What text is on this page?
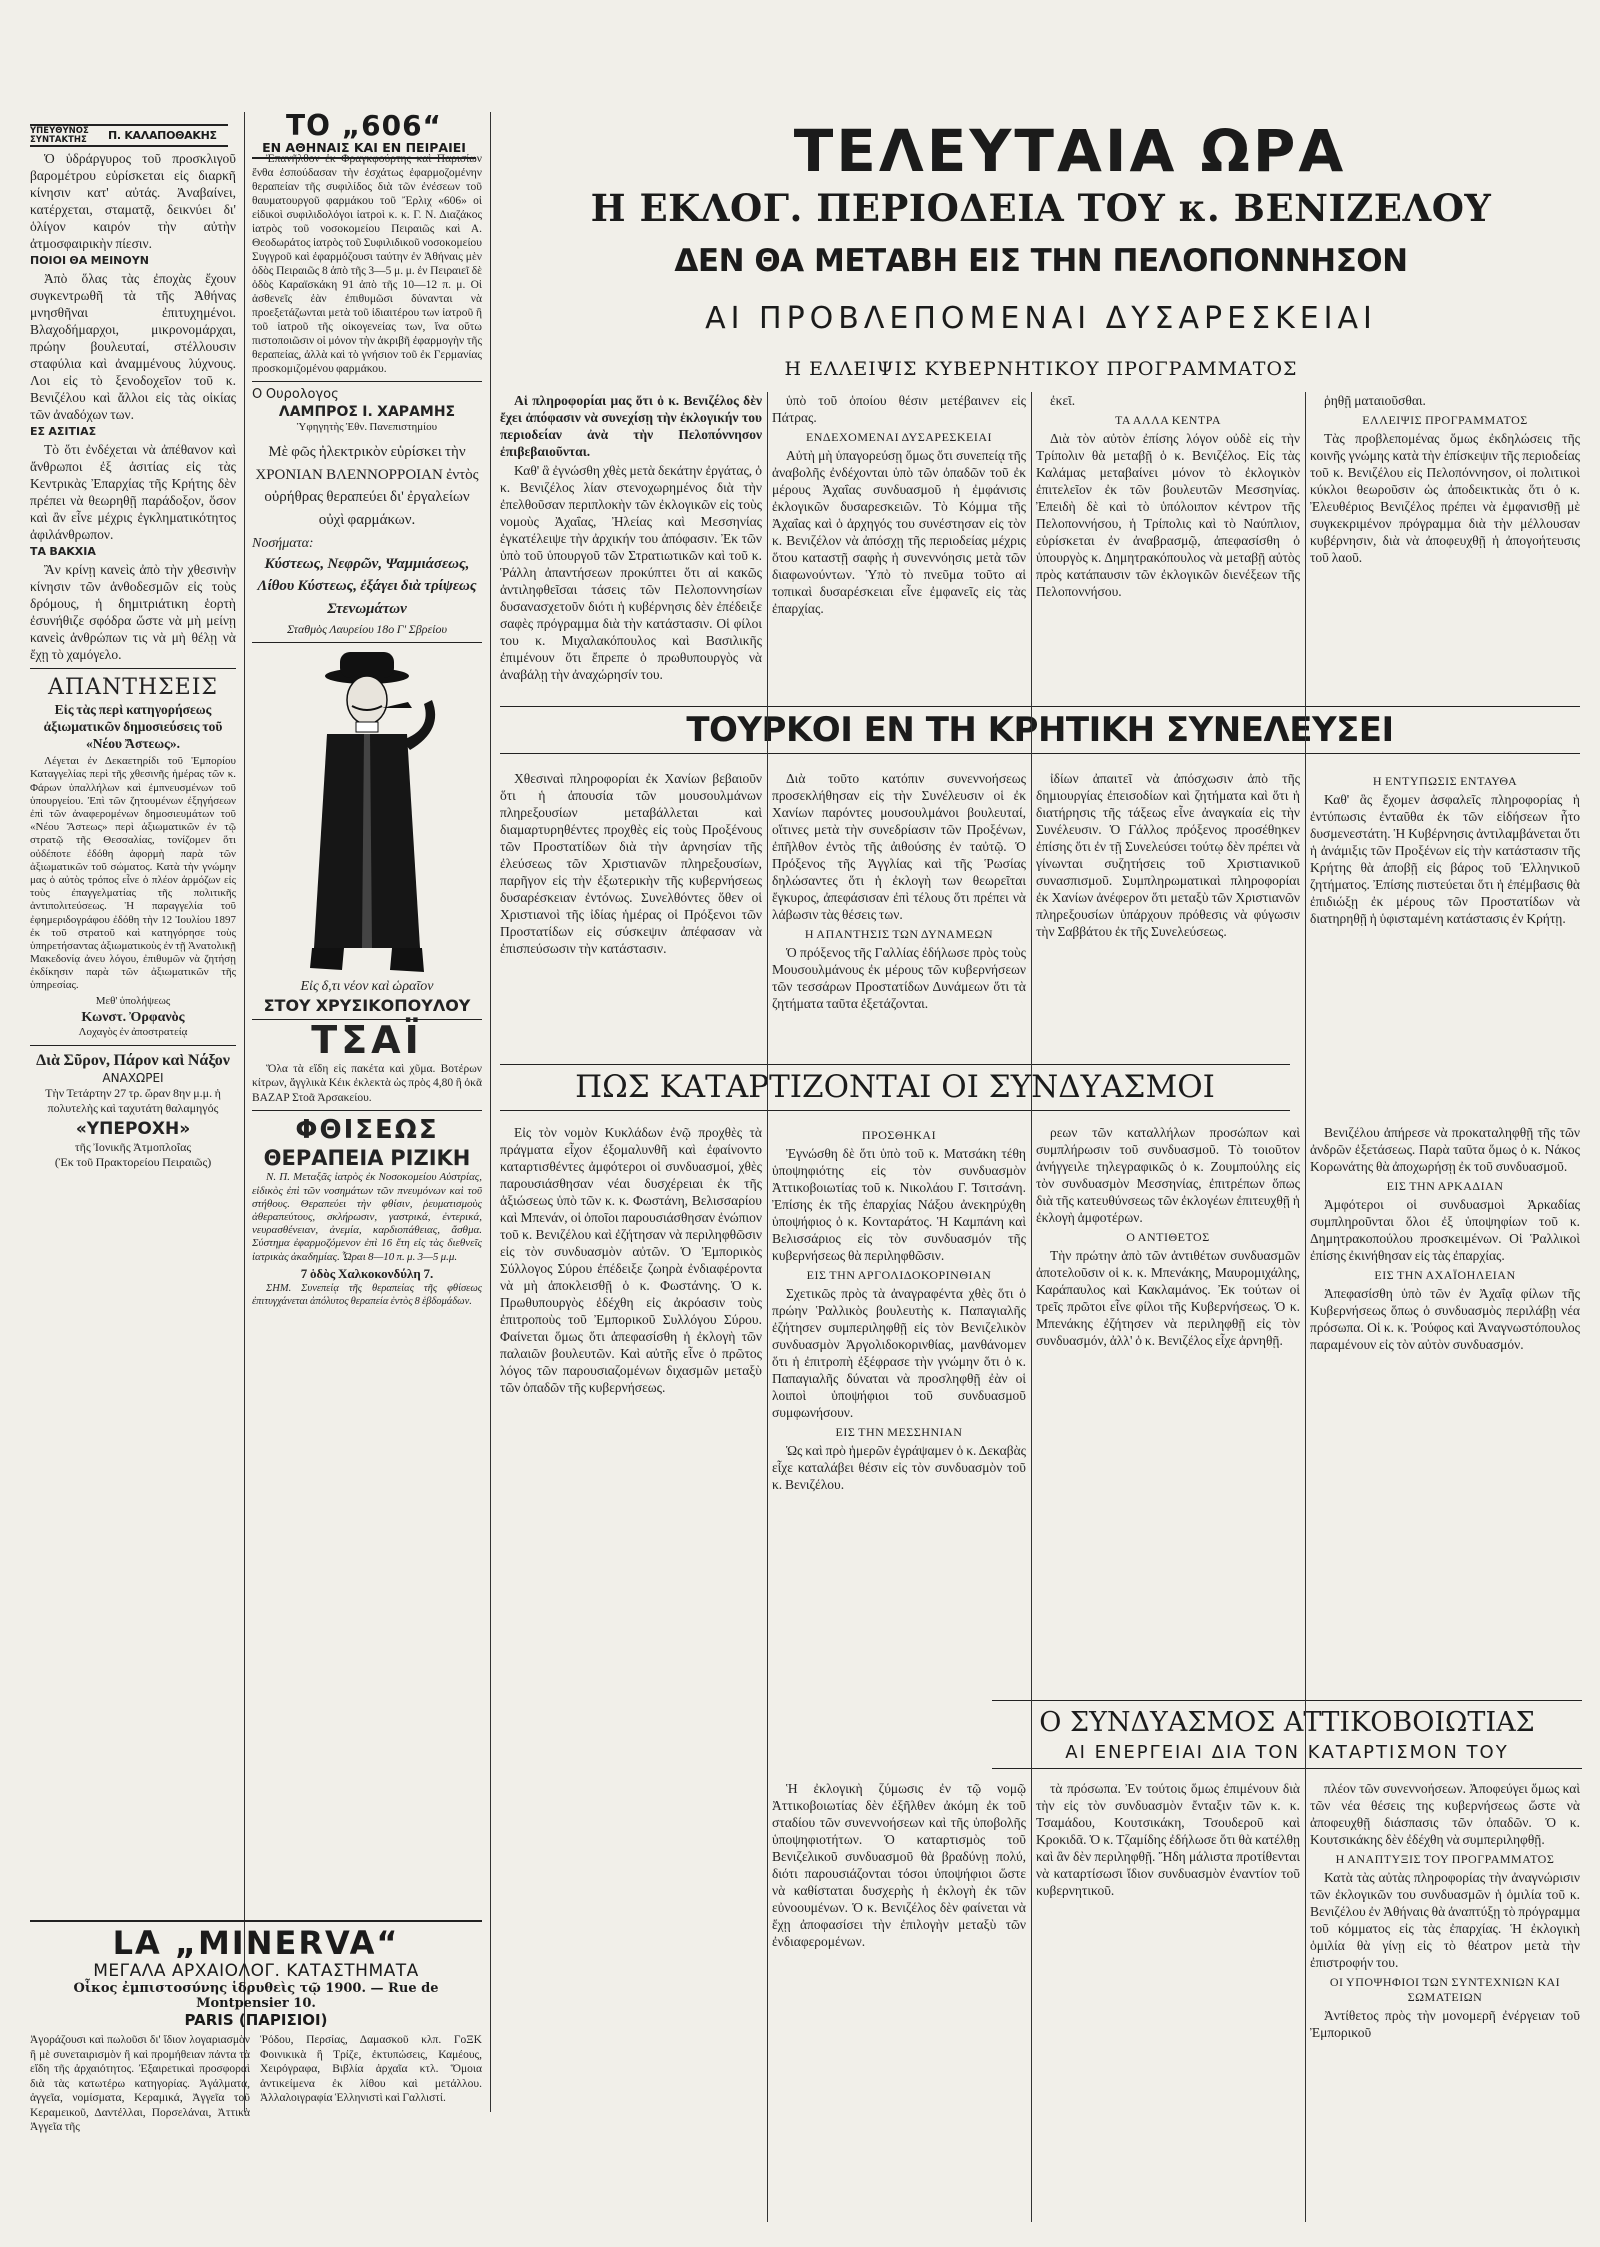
ΥΠΕΥΘΥΝΟΣ ΣΥΝΤΑΚΤΗΣ	Π. ΚΑΛΑΠΟΘΑΚΗΣ	ΤΟ „606“
ΕΝ ΑΘΗΝΑΙΣ ΚΑΙ ΕΝ ΠΕΙΡΑΙΕΙ	ΤΕΛΕΥΤΑΙΑ ΩΡΑ
Η ΕΚΛΟΓ. ΠΕΡΙΟΔΕΙΑ ΤΟΥ κ. ΒΕΝΙΖΕΛΟΥ
ΔΕΝ ΘΑ ΜΕΤΑΒΗ ΕΙΣ ΤΗΝ ΠΕΛΟΠΟΝΝΗΣΟΝ
ΑΙ ΠΡΟΒΛΕΠΟΜΕΝΑΙ ΔΥΣΑΡΕΣΚΕΙΑΙ
Η ΕΛΛΕΙΨΙΣ ΚΥΒΕΡΝΗΤΙΚΟΥ ΠΡΟΓΡΑΜΜΑΤΟΣ

Ὁ ὑδράργυρος τοῦ προσκλιγοῦ βαρομέτρου εὑρίσκεται εἰς διαρκῆ κίνησιν κατ' αὐτάς. Ἀναβαίνει, κατέρχεται, σταματᾷ, δεικνύει δι' ὁλίγον καιρόν τὴν αὐτὴν ἀτμοσφαιρικὴν πίεσιν.

ΠΟΙΟΙ ΘΑ ΜΕΙΝΟΥΝ

Ἀπὸ ὅλας τὰς ἐποχὰς ἔχουν συγκεντρωθῆ τὰ τῆς Ἀθήνας μνησθῆναι ἐπιτυχημένοι. Βλαχοδήμαρχοι, μικρονομάρχαι, πρώην βουλευταί, στέλλουσιν σταφύλια καὶ ἀναμμένους λύχνους. Λοι εἰς τὸ ξενοδοχεῖον τοῦ κ. Βενιζέλου καὶ ἄλλοι εἰς τὰς οἰκίας τῶν ἀναδόχων των.

ΕΣ ΑΣΙΤΙΑΣ

Τὸ ὅτι ἐνδέχεται νὰ ἀπέθανον καὶ ἄνθρωποι ἐξ ἀσιτίας εἰς τὰς Κεντρικὰς Ἐπαρχίας τῆς Κρήτης δὲν πρέπει νὰ θεωρηθῇ παράδοξον, ὅσον καὶ ἂν εἶνε μέχρις ἐγκληματικότητος ἀφιλάνθρωπον.

ΤΑ ΒΑΚΧΙΑ

Ἂν κρίνῃ κανεὶς ἀπὸ τὴν χθεσινὴν κίνησιν τῶν ἀνθοδεσμῶν εἰς τοὺς δρόμους, ἡ δημιτριάτικη ἑορτὴ ἐσυνήθιζε σφόδρα ὥστε νὰ μὴ μείνῃ κανεὶς ἀνθρώπων τις νὰ μὴ θέλῃ νὰ ἔχῃ τὸ χαμόγελο.

ΑΠΑΝΤΗΣΕΙΣ
Εἰς τὰς περὶ κατηγορήσεως ἀξιωματικῶν δημοσιεύσεις τοῦ «Νέου Ἄστεως».

Λέγεται ἐν Δεκαετηρίδι τοῦ Ἐμπορίου Καταγγελίας περὶ τῆς χθεσινῆς ἡμέρας τῶν κ. Φάρων ὑπαλλήλων καὶ ἐμπνευσμένων τοῦ ὑπουργείου. Ἐπὶ τῶν ζητουμένων ἐξηγήσεων ἐπὶ τῶν ἀναφερομένων δημοσιευμάτων τοῦ «Νέου Ἄστεως» περὶ ἀξιωματικῶν ἐν τῷ στρατῷ τῆς Θεσσαλίας, τονίζομεν ὅτι οὐδέποτε ἐδόθη ἀφορμὴ παρὰ τῶν ἀξιωματικῶν τοῦ σώματος. Κατὰ τὴν γνώμην μας ὁ αὐτὸς τρόπος εἶνε ὁ πλέον ἀρμόζων εἰς τοὺς ἐπαγγελματίας τῆς πολιτικῆς ἀντιπολιτεύσεως. Ἡ παραγγελία τοῦ ἐφημεριδογράφου ἐδόθη τὴν 12 Ἰουλίου 1897 ἐκ τοῦ στρατοῦ καὶ κατηγόρησε τοὺς ὑπηρετήσαντας ἀξιωματικοὺς ἐν τῇ Ἀνατολικῇ Μακεδονίᾳ ἀνευ λόγου, ἐπιθυμῶν νὰ ζητήσῃ ἐκδίκησιν παρὰ τῶν ἀξιωματικῶν τῆς ὑπηρεσίας.

Μεθ' ὑπολήψεως
Κωνστ. Ὀρφανὸς
Λοχαγὸς ἐν ἀποστρατείᾳ
Διὰ Σῦρον, Πάρον καὶ Νάξον
ΑΝΑΧΩΡΕΙ

Τὴν Τετάρτην 27 τρ. ὥραν 8ην μ.μ. ἡ πολυτελὴς καὶ ταχυτάτη θαλαμηγός

«ΥΠΕΡΟΧΗ»
τῆς Ἰονικῆς Ἀτμοπλοΐας
(Ἐκ τοῦ Πρακτορείου Πειραιῶς)

Ἐπανῆλθον ἐκ Φραγκφούρτης καὶ Παρισίων ἔνθα ἐσπούδασαν τὴν ἐσχάτως ἐφαρμοζομένην θεραπείαν τῆς συφιλίδος διὰ τῶν ἐνέσεων τοῦ θαυματουργοῦ φαρμάκου τοῦ Ἔρλιχ «606» οἱ εἰδικοὶ συφιλιδολόγοι ἰατροὶ κ. κ. Γ. Ν. Διαζάκος ἰατρὸς τοῦ νοσοκομείου Πειραιῶς καὶ Α. Θεοδωράτος ἰατρὸς τοῦ Συφιλιδικοῦ νοσοκομείου Συγγροῦ καὶ ἐφαρμόζουσι ταύτην ἐν Ἀθήναις μὲν ὁδὸς Πειραιῶς 8 ἀπὸ τῆς 3—5 μ. μ. ἐν Πειραιεῖ δὲ ὁδὸς Καραϊσκάκη 91 ἀπὸ τῆς 10—12 π. μ. Οἱ ἀσθενεῖς ἐὰν ἐπιθυμῶσι δύνανται νὰ προεξετάζωνται μετὰ τοῦ ἰδιαιτέρου των ἰατροῦ ἢ τοῦ ἰατροῦ τῆς οἰκογενείας των, ἵνα οὕτω πιστοποιῶσιν οἱ μόνον τὴν ἀκριβῆ ἐφαρμογὴν τῆς θεραπείας, ἀλλὰ καὶ τὸ γνήσιον τοῦ ἐκ Γερμανίας προσκομιζομένου φαρμάκου.

Ο Ουρολογος
ΛΑΜΠΡΟΣ Ι. ΧΑΡΑΜΗΣ
Ὑφηγητὴς Ἐθν. Πανεπιστημίου

Μὲ φῶς ἠλεκτρικὸν εὑρίσκει τὴν ΧΡΟΝΙΑΝ ΒΛΕΝΝΟΡΡΟΙΑΝ ἐντὸς οὐρήθρας θεραπεύει δι' ἐργαλείων οὐχὶ φαρμάκων.

Νοσήματα:

Κύστεως, Νεφρῶν, Ψαμμιάσεως, Λίθου Κύστεως, ἐξάγει διὰ τρίψεως Στενωμάτων

Σταθμὸς Λαυρείου 18ο Γ' Σβρεἰου
Εἰς δ,τι νέον καὶ ὡραῖον
ΣΤΟΥ ΧΡΥΣΙΚΟΠΟΥΛΟΥ
ΤΣΑΪ

Ὅλα τὰ εἴδη εἰς πακέτα καὶ χῦμα. Βοτέρων κίτρων, ἄγγλικὰ Κέικ ἐκλεκτὰ ὡς πρὸς 4,80 ἢ ὀκᾶ ΒΑΖΑΡ Στοᾶ Ἀρσακείου.

ΦΘΙΣΕΩΣ
ΘΕΡΑΠΕΙΑ ΡΙΖΙΚΗ

Ν. Π. Μεταξᾶς ἰατρὸς ἐκ Νοσοκομείου Αὐστρίας, εἰδικὸς ἐπὶ τῶν νοσημάτων τῶν πνευμόνων καὶ τοῦ στήθους. Θεραπεύει τὴν φθίσιν, ῥευματισμοὺς ἀθεραπεύτους, σκλήρωσιν, γαστρικά, ἐντερικά, νευρασθένειαν, ἀνεμία, καρδιοπάθειας, ἄσθμα. Σύστημα ἐφαρμοζόμενον ἐπὶ 16 ἔτη εἰς τὰς διεθνεῖς ἰατρικὰς ἀκαδημίας. Ὧραι 8—10 π. μ. 3—5 μ.μ.

7 ὁδὸς Χαλκοκονδύλη 7.

ΣΗΜ. Συνεπείᾳ τῆς θεραπείας τῆς φθίσεως ἐπιτυγχάνεται ἀπόλυτος θεραπεία ἐντὸς 8 ἑβδομάδων.

LA „MINERVA“
ΜΕΓΑΛΑ ΑΡΧΑΙΟΛΟΓ. ΚΑΤΑΣΤΗΜΑΤΑ
Οἶκος ἐμπιστοσύνης ἱδρυθεὶς τῷ 1900. — Rue de Montpensier 10.
PARIS (ΠΑΡΙΣΙΟΙ)

Ἀγοράζουσι καὶ πωλοῦσι δι' ἴδιον λογαριασμὸν ἢ μὲ συνεταιρισμὸν ἢ καὶ προμήθειαν πάντα τὰ εἴδη τῆς ἀρχαιότητος. Ἐξαιρετικαὶ προσφοραὶ διὰ τὰς κατωτέρω κατηγορίας. Ἀγάλματα, ἀγγεῖα, νομίσματα, Κεραμικά, Ἀγγεῖα τοῦ Κεραμεικοῦ, Δαντέλλαι, Πορσελάναι, Ἀττικὰ Ἀγγεῖα τῆς

Ῥόδου, Περσίας, Δαμασκοῦ κλπ. ΓοΞΚ Φοινικικὰ ἢ Τρίζε, ἐκτυπώσεις, Καμέους, Χειρόγραφα, Βιβλία ἀρχαῖα κτλ. Ὅμοια ἀντικείμενα ἐκ λίθου καὶ μετάλλου. Ἀλλαλοιγραφία Ἑλληνιστὶ καὶ Γαλλιστί.

Αἱ πληροφορίαι μας ὅτι ὁ κ. Βενιζέλος δὲν ἔχει ἀπόφασιν νὰ συνεχίσῃ τὴν ἐκλογικήν του περιοδείαν ἀνὰ τὴν Πελοπόννησον ἐπιβεβαιοῦνται.

Καθ' ἃ ἐγνώσθη χθὲς μετὰ δεκάτην ἐργάτας, ὁ κ. Βενιζέλος λίαν στενοχωρημένος διὰ τὴν ἐπελθοῦσαν περιπλοκὴν τῶν ἐκλογικῶν εἰς τοὺς νομοὺς Ἀχαΐας, Ἠλείας καὶ Μεσσηνίας ἐγκατέλειψε τὴν ἀρχικήν του ἀπόφασιν. Ἐκ τῶν ὑπὸ τοῦ ὑπουργοῦ τῶν Στρατιωτικῶν καὶ τοῦ κ. Ῥάλλη ἀπαντήσεων προκύπτει ὅτι αἱ κακῶς ἀντιληφθεῖσαι τάσεις τῶν Πελοποννησίων δυσανασχετοῦν διότι ἡ κυβέρνησις δὲν ἐπέδειξε σαφὲς πρόγραμμα διὰ τὴν κατάστασιν. Οἱ φίλοι του κ. Μιχαλακόπουλος καὶ Βασιλικῆς ἐπιμένουν ὅτι ἔπρεπε ὁ πρωθυπουργὸς νὰ ἀναβάλῃ τὴν ἀναχώρησίν του.

ὑπὸ τοῦ ὁποίου θέσιν μετέβαινεν εἰς Πάτρας.

ΕΝΔΕΧΟΜΕΝΑΙ ΔΥΣΑΡΕΣΚΕΙΑΙ

Αὐτὴ μὴ ὑπαγορεύσῃ ὅμως ὅτι συνεπείᾳ τῆς ἀναβολῆς ἐνδέχονται ὑπὸ τῶν ὀπαδῶν τοῦ ἐκ μέρους Ἀχαΐας συνδυασμοῦ ἡ ἐμφάνισις ἐκλογικῶν δυσαρεσκειῶν. Τὸ Κόμμα τῆς Ἀχαΐας καὶ ὁ ἀρχηγός του συνέστησαν εἰς τὸν κ. Βενιζέλον νὰ ἀπόσχῃ τῆς περιοδείας μέχρις ὅτου καταστῇ σαφὴς ἡ συνεννόησις μετὰ τῶν διαφωνούντων. Ὑπὸ τὸ πνεῦμα τοῦτο αἱ τοπικαὶ δυσαρέσκειαι εἶνε ἐμφανεῖς εἰς τὰς ἐπαρχίας.

ἐκεῖ.

ΤΑ ΑΛΛΑ ΚΕΝΤΡΑ

Διὰ τὸν αὐτὸν ἐπίσης λόγον οὐδὲ εἰς τὴν Τρίπολιν θὰ μεταβῇ ὁ κ. Βενιζέλος. Εἰς τὰς Καλάμας μεταβαίνει μόνον τὸ ἐκλογικὸν ἐπιτελεῖον ἐκ τῶν βουλευτῶν Μεσσηνίας. Ἐπειδὴ δὲ καὶ τὸ ὑπόλοιπον κέντρον τῆς Πελοποννήσου, ἡ Τρίπολις καὶ τὸ Ναύπλιον, εὑρίσκεται ἐν ἀναβρασμῷ, ἀπεφασίσθη ὁ ὑπουργὸς κ. Δημητρακόπουλος νὰ μεταβῇ αὐτὸς πρὸς κατάπαυσιν τῶν ἐκλογικῶν διενέξεων τῆς Πελοποννήσου.

ῥηθῇ ματαιοῦσθαι.

ΕΛΛΕΙΨΙΣ ΠΡΟΓΡΑΜΜΑΤΟΣ

Τὰς προβλεπομένας ὅμως ἐκδηλώσεις τῆς κοινῆς γνώμης κατὰ τὴν ἐπίσκεψιν τῆς περιοδείας τοῦ κ. Βενιζέλου εἰς Πελοπόννησον, οἱ πολιτικοὶ κύκλοι θεωροῦσιν ὡς ἀποδεικτικὰς ὅτι ὁ κ. Ἐλευθέριος Βενιζέλος πρέπει νὰ ἐμφανισθῇ μὲ συγκεκριμένον πρόγραμμα διὰ τὴν μέλλουσαν κυβέρνησιν, διὰ νὰ ἀποφευχθῇ ἡ ἀπογοήτευσις τοῦ λαοῦ.

ΤΟΥΡΚΟΙ ΕΝ ΤΗ ΚΡΗΤΙΚΗ ΣΥΝΕΛΕΥΣΕΙ

Χθεσιναὶ πληροφορίαι ἐκ Χανίων βεβαιοῦν ὅτι ἡ ἀπουσία τῶν μουσουλμάνων πληρεξουσίων μεταβάλλεται καὶ διαμαρτυρηθέντες προχθὲς εἰς τοὺς Προξένους τῶν Προστατίδων διὰ τὴν ἀρνησίαν τῆς ἐλεύσεως τῶν Χριστιανῶν πληρεξουσίων, παρῆγον εἰς τὴν ἐξωτερικὴν τῆς κυβερνήσεως δυσαρέσκειαν ἐντόνως. Συνελθόντες ὅθεν οἱ Χριστιανοὶ τῆς ἰδίας ἡμέρας οἱ Πρόξενοι τῶν Προστατίδων εἰς σύσκεψιν ἀπέφασαν νὰ ἐπισπεύσωσιν τὴν κατάστασιν.

Διὰ τοῦτο κατόπιν συνεννοήσεως προσεκλήθησαν εἰς τὴν Συνέλευσιν οἱ ἐκ Χανίων παρόντες μουσουλμάνοι βουλευταί, οἵτινες μετὰ τὴν συνεδρίασιν τῶν Προξένων, ἐπῆλθον ἐντὸς τῆς ἀιθούσης ἐν ταὐτῷ. Ὁ Πρόξενος τῆς Ἀγγλίας καὶ τῆς Ῥωσίας δηλώσαντες ὅτι ἡ ἐκλογὴ των θεωρεῖται ἔγκυρος, ἀπεφάσισαν ἐπὶ τέλους ὅτι πρέπει νὰ λάβωσιν τὰς θέσεις των.

Η ΑΠΑΝΤΗΣΙΣ ΤΩΝ ΔΥΝΑΜΕΩΝ

Ὁ πρόξενος τῆς Γαλλίας ἐδήλωσε πρὸς τοὺς Μουσουλμάνους ἐκ μέρους τῶν κυβερνήσεων τῶν τεσσάρων Προστατίδων Δυνάμεων ὅτι τὰ ζητήματα ταῦτα ἐξετάζονται.

ἰδίων ἀπαιτεῖ νὰ ἀπόσχωσιν ἀπὸ τῆς δημιουργίας ἐπεισοδίων καὶ ζητήματα καὶ ὅτι ἡ διατήρησις τῆς τάξεως εἶνε ἀναγκαία εἰς τὴν Συνέλευσιν. Ὁ Γάλλος πρόξενος προσέθηκεν ἐπίσης ὅτι ἐν τῇ Συνελεύσει τούτῳ δὲν πρέπει νὰ γίνωνται συζητήσεις τοῦ Χριστιανικοῦ συνασπισμοῦ. Συμπληρωματικαὶ πληροφορίαι ἐκ Χανίων ἀνέφερον ὅτι μεταξὺ τῶν Χριστιανῶν πληρεξουσίων ὑπάρχουν πρόθεσις νὰ φύγωσιν τὴν Σαββάτου ἐκ τῆς Συνελεύσεως.

Η ΕΝΤΥΠΩΣΙΣ ΕΝΤΑΥΘΑ

Καθ' ἃς ἔχομεν ἀσφαλεῖς πληροφορίας ἡ ἐντύπωσις ἐνταῦθα ἐκ τῶν εἰδήσεων ἦτο δυσμενεστάτη. Ἡ Κυβέρνησις ἀντιλαμβάνεται ὅτι ἡ ἀνάμιξις τῶν Προξένων εἰς τὴν κατάστασιν τῆς Κρήτης θὰ ἀποβῇ εἰς βάρος τοῦ Ἑλληνικοῦ ζητήματος. Ἐπίσης πιστεύεται ὅτι ἡ ἐπέμβασις θὰ ἐπιδιώξῃ ἐκ μέρους τῶν Προστατίδων νὰ διατηρηθῇ ἡ ὑφισταμένη κατάστασις ἐν Κρήτῃ.

ΠΩΣ ΚΑΤΑΡΤΙΖΟΝΤΑΙ ΟΙ ΣΥΝΔΥΑΣΜΟΙ

Εἰς τὸν νομὸν Κυκλάδων ἐνῷ προχθὲς τὰ πράγματα εἶχον ἐξομαλυνθῆ καὶ ἐφαίνοντο καταρτισθέντες ἀμφότεροι οἱ συνδυασμοί, χθὲς παρουσιάσθησαν νέαι δυσχέρειαι ἐκ τῆς ἀξιώσεως ὑπὸ τῶν κ. κ. Φωστάνη, Βελισσαρίου καὶ Μπενάν, οἱ ὁποῖοι παρουσιάσθησαν ἐνώπιον τοῦ κ. Βενιζέλου καὶ ἐζήτησαν νὰ περιληφθῶσιν εἰς τὸν συνδυασμὸν αὐτῶν. Ὁ Ἐμπορικὸς Σύλλογος Σύρου ἐπέδειξε ζωηρὰ ἐνδιαφέροντα νὰ μὴ ἀποκλεισθῇ ὁ κ. Φωστάνης. Ὁ κ. Πρωθυπουργὸς ἐδέχθη εἰς ἀκρόασιν τοὺς ἐπιτροποὺς τοῦ Ἐμπορικοῦ Συλλόγου Σύρου. Φαίνεται ὅμως ὅτι ἀπεφασίσθη ἡ ἐκλογὴ τῶν παλαιῶν βουλευτῶν. Καὶ αὐτῆς εἶνε ὁ πρῶτος λόγος τῶν παρουσιαζομένων διχασμῶν μεταξὺ τῶν ὀπαδῶν τῆς κυβερνήσεως.

ΠΡΟΣΘΗΚΑΙ

Ἐγνώσθη δὲ ὅτι ὑπὸ τοῦ κ. Ματσάκη τέθη ὑποψηφιότης εἰς τὸν συνδυασμὸν Ἀττικοβοιωτίας τοῦ κ. Νικολάου Γ. Τσιτσάνη. Ἐπίσης ἐκ τῆς ἐπαρχίας Νάξου ἀνεκηρύχθη ὑποψήφιος ὁ κ. Κονταράτος. Ἡ Καμπάνη καὶ Βελισσάριος εἰς τὸν συνδυασμόν τῆς κυβερνήσεως θὰ περιληφθῶσιν.

ΕΙΣ ΤΗΝ ΑΡΓΟΛΙΔΟΚΟΡΙΝΘΙΑΝ

Σχετικῶς πρὸς τὰ ἀναγραφέντα χθὲς ὅτι ὁ πρώην Ῥαλλικὸς βουλευτὴς κ. Παπαγιαλῆς ἐζήτησεν συμπεριληφθῇ εἰς τὸν Βενιζελικὸν συνδυασμὸν Ἀργολιδοκορινθίας, μανθάνομεν ὅτι ἡ ἐπιτροπὴ ἐξέφρασε τὴν γνώμην ὅτι ὁ κ. Παπαγιαλῆς δύναται νὰ προσληφθῇ ἐὰν οἱ λοιποὶ ὑποψήφιοι τοῦ συνδυασμοῦ συμφωνήσουν.

ΕΙΣ ΤΗΝ ΜΕΣΣΗΝΙΑΝ

Ὡς καὶ πρὸ ἡμερῶν ἐγράψαμεν ὁ κ. Δεκαβὰς εἶχε καταλάβει θέσιν εἰς τὸν συνδυασμὸν τοῦ κ. Βενιζέλου.

ρεων τῶν καταλλήλων προσώπων καὶ συμπλήρωσιν τοῦ συνδυασμοῦ. Τὸ τοιοῦτον ἀνήγγειλε τηλεγραφικῶς ὁ κ. Ζουμπούλης εἰς τὸν συνδυασμὸν Μεσσηνίας, ἐπιτρέπων ὅπως διὰ τῆς κατευθύνσεως τῶν ἐκλογέων ἐπιτευχθῇ ἡ ἐκλογὴ ἀμφοτέρων.

Ο ΑΝΤΙΘΕΤΟΣ

Τὴν πρώτην ἀπὸ τῶν ἀντιθέτων συνδυασμῶν ἀποτελοῦσιν οἱ κ. κ. Μπενάκης, Μαυρομιχάλης, Καράπαυλος καὶ Κακλαμάνος. Ἐκ τούτων οἱ τρεῖς πρῶτοι εἶνε φίλοι τῆς Κυβερνήσεως. Ὁ κ. Μπενάκης ἐζήτησεν νὰ περιληφθῇ εἰς τὸν συνδυασμόν, ἀλλ' ὁ κ. Βενιζέλος εἶχε ἀρνηθῇ.

Βενιζέλου ἀπήρεσε νὰ προκαταληφθῇ τῆς τῶν ἀνδρῶν ἐξετάσεως. Παρὰ ταῦτα ὅμως ὁ κ. Νάκος Κορωνάτης θὰ ἀποχωρήσῃ ἐκ τοῦ συνδυασμοῦ.

ΕΙΣ ΤΗΝ ΑΡΚΑΔΙΑΝ

Ἀμφότεροι οἱ συνδυασμοὶ Ἀρκαδίας συμπληροῦνται ὅλοι ἐξ ὑποψηφίων τοῦ κ. Δημητρακοπούλου προσκειμένων. Οἱ Ῥαλλικοὶ ἐπίσης ἐκινήθησαν εἰς τὰς ἐπαρχίας.

ΕΙΣ ΤΗΝ ΑΧΑΪΟΗΛΕΙΑΝ

Ἀπεφασίσθη ὑπὸ τῶν ἐν Ἀχαΐᾳ φίλων τῆς Κυβερνήσεως ὅπως ὁ συνδυασμὸς περιλάβῃ νέα πρόσωπα. Οἱ κ. κ. Ῥούφος καὶ Ἀναγνωστόπουλος παραμένουν εἰς τὸν αὐτὸν συνδυασμόν.

Ο ΣΥΝΔΥΑΣΜΟΣ ΑΤΤΙΚΟΒΟΙΩΤΙΑΣ
ΑΙ ΕΝΕΡΓΕΙΑΙ ΔΙΑ ΤΟΝ ΚΑΤΑΡΤΙΣΜΟΝ ΤΟΥ

Ἡ ἐκλογικὴ ζύμωσις ἐν τῷ νομῷ Ἀττικοβοιωτίας δὲν ἐξῆλθεν ἀκόμη ἐκ τοῦ σταδίου τῶν συνεννοήσεων καὶ τῆς ὑποβολῆς ὑποψηφιοτήτων. Ὁ καταρτισμὸς τοῦ Βενιζελικοῦ συνδυασμοῦ θὰ βραδύνῃ πολύ, διότι παρουσιάζονται τόσοι ὑποψήφιοι ὥστε νὰ καθίσταται δυσχερὴς ἡ ἐκλογὴ ἐκ τῶν εὐνοουμένων. Ὁ κ. Βενιζέλος δὲν φαίνεται νὰ ἔχῃ ἀποφασίσει τὴν ἐπιλογὴν μεταξὺ τῶν ἐνδιαφερομένων.

τὰ πρόσωπα. Ἐν τούτοις ὅμως ἐπιμένουν διὰ τὴν εἰς τὸν συνδυασμὸν ἔνταξιν τῶν κ. κ. Τσαμάδου, Κουτσικάκη, Τσουδεροῦ καὶ Κροκιδᾶ. Ὁ κ. Τζαμίδης ἐδήλωσε ὅτι θὰ κατέλθῃ καὶ ἂν δὲν περιληφθῇ. Ἤδη μάλιστα προτίθενται νὰ καταρτίσωσι ἴδιον συνδυασμὸν ἐναντίον τοῦ κυβερνητικοῦ.

πλέον τῶν συνεννοήσεων. Ἀποφεύγει ὅμως καὶ τῶν νέα θέσεις της κυβερνήσεως ὥστε νὰ ἀποφευχθῇ διάσπασις τῶν ὀπαδῶν. Ὁ κ. Κουτσικάκης δὲν ἐδέχθη νὰ συμπεριληφθῇ.

Η ΑΝΑΠΤΥΞΙΣ ΤΟΥ ΠΡΟΓΡΑΜΜΑΤΟΣ

Κατὰ τὰς αὐτὰς πληροφορίας τὴν ἀναγνώρισιν τῶν ἐκλογικῶν του συνδυασμῶν ἡ ὁμιλία τοῦ κ. Βενιζέλου ἐν Ἀθήναις θὰ ἀναπτύξῃ τὸ πρόγραμμα τοῦ κόμματος εἰς τὰς ἐπαρχίας. Ἡ ἐκλογικὴ ὁμιλία θὰ γίνῃ εἰς τὸ θέατρον μετὰ τὴν ἐπιστροφήν του.

ΟΙ ΥΠΟΨΗΦΙΟΙ ΤΩΝ ΣΥΝΤΕΧΝΙΩΝ ΚΑΙ ΣΩΜΑΤΕΙΩΝ

Ἀντίθετος πρὸς τὴν μονομερῆ ἐνέργειαν τοῦ Ἐμπορικοῦ
